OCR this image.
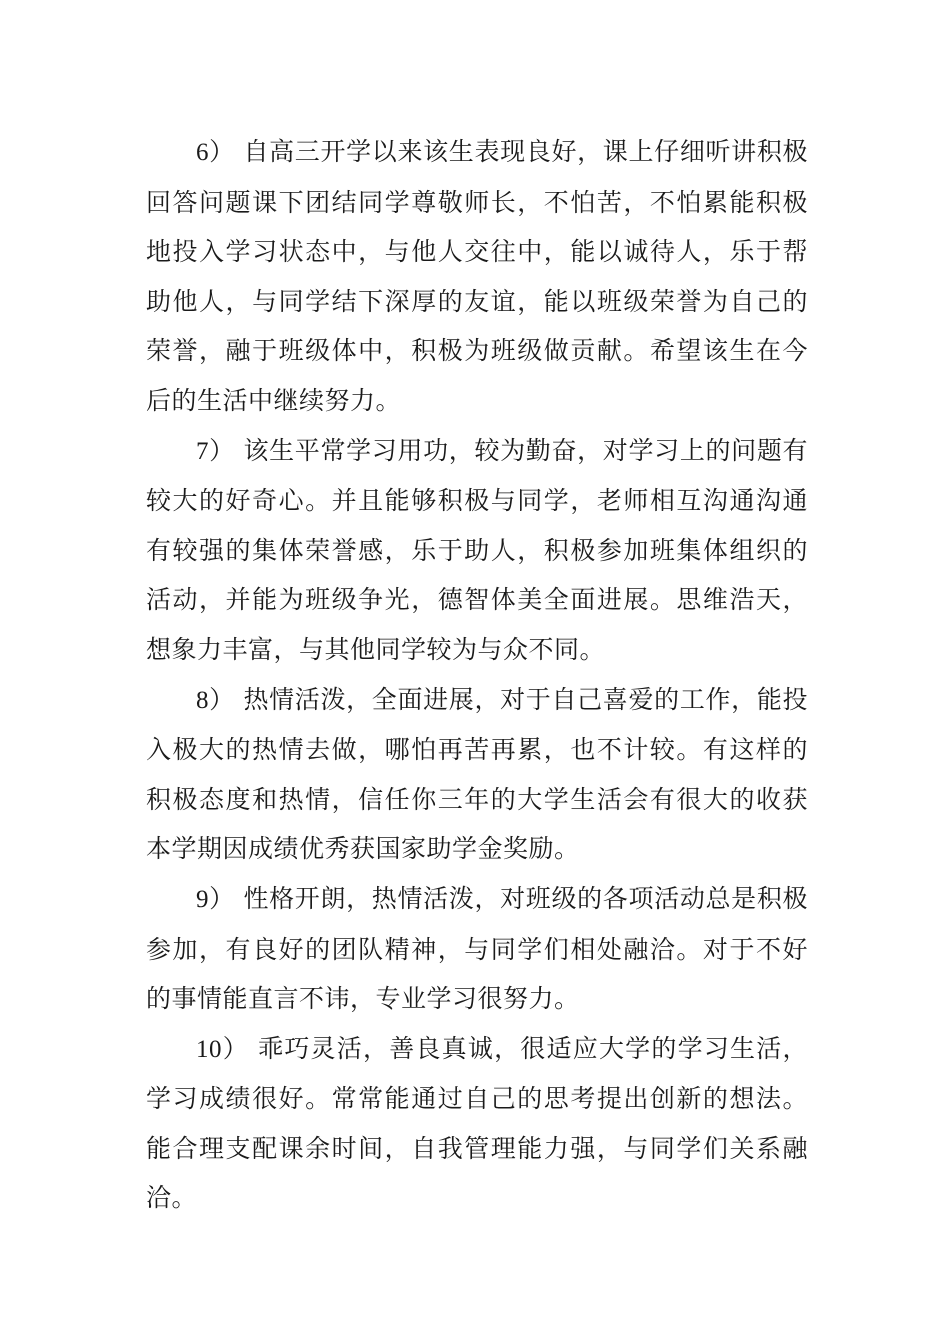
6） 自高三开学以来该生表现良好，课上仔细听讲积极回答问题课下团结同学尊敬师长，不怕苦，不怕累能积极地投入学习状态中，与他人交往中，能以诚待人，乐于帮助他人，与同学结下深厚的友谊，能以班级荣誉为自己的荣誉，融于班级体中，积极为班级做贡献。希望该生在今后的生活中继续努力。

7） 该生平常学习用功，较为勤奋，对学习上的问题有较大的好奇心。并且能够积极与同学，老师相互沟通沟通有较强的集体荣誉感，乐于助人，积极参加班集体组织的活动，并能为班级争光，德智体美全面进展。思维浩天，想象力丰富，与其他同学较为与众不同。

8） 热情活泼，全面进展，对于自己喜爱的工作，能投入极大的热情去做，哪怕再苦再累，也不计较。有这样的积极态度和热情，信任你三年的大学生活会有很大的收获本学期因成绩优秀获国家助学金奖励。

9） 性格开朗，热情活泼，对班级的各项活动总是积极参加，有良好的团队精神，与同学们相处融洽。对于不好的事情能直言不讳，专业学习很努力。

10） 乖巧灵活，善良真诚，很适应大学的学习生活，学习成绩很好。常常能通过自己的思考提出创新的想法。能合理支配课余时间，自我管理能力强，与同学们关系融洽。
